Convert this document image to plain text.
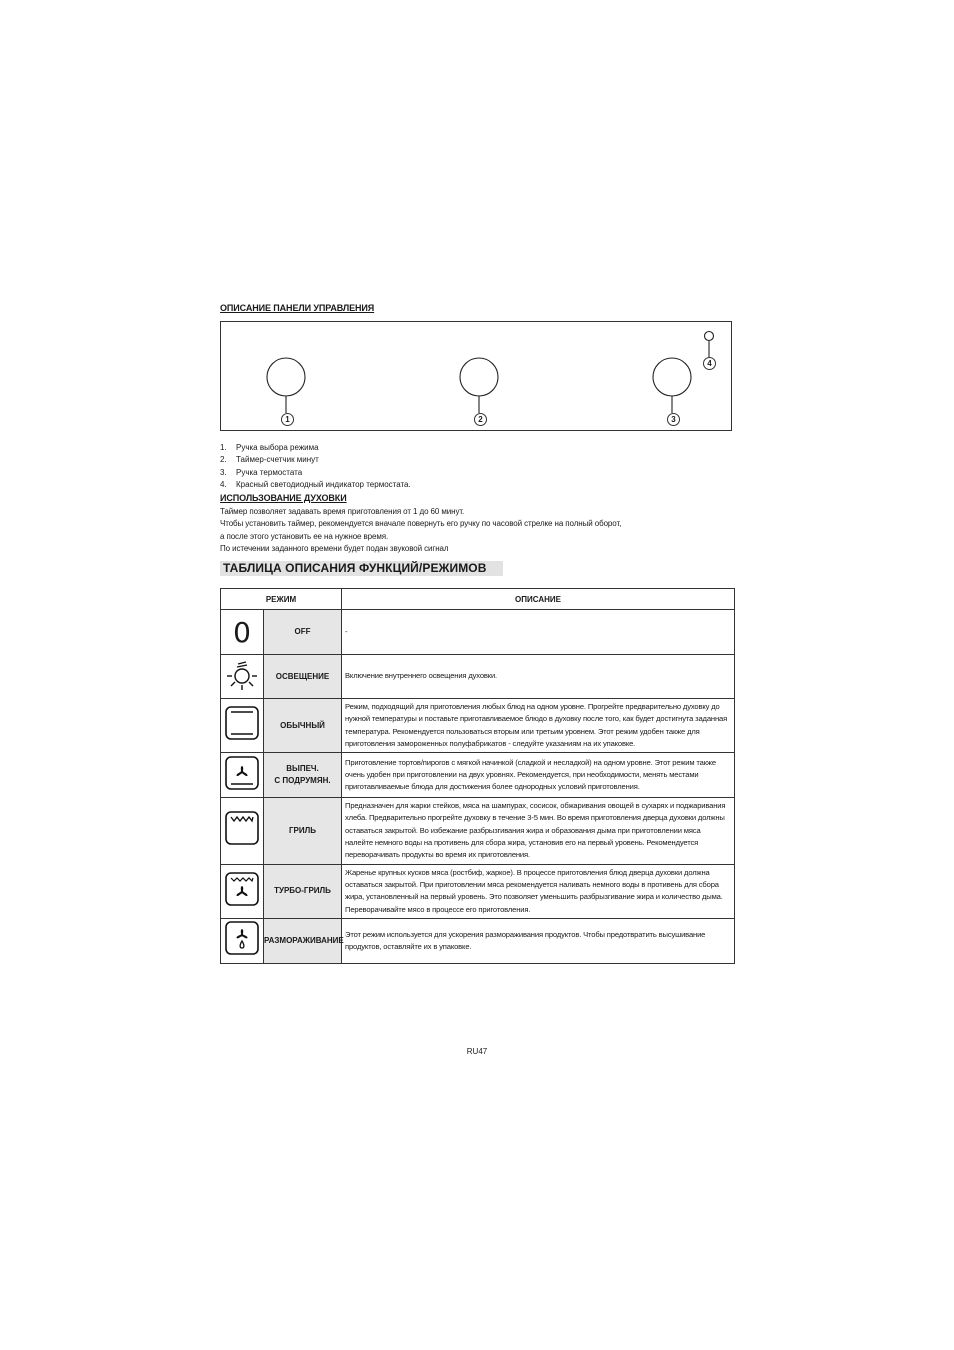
ОПИСАНИЕ ПАНЕЛИ УПРАВЛЕНИЯ
1	2	3
4
1. Ручка выбора режима
2. Таймер-счетчик минут
3. Ручка термостата
4. Красный светодиодный индикатор термостата.
ИСПОЛЬЗОВАНИЕ ДУХОВКИ
Таймер позволяет задавать время приготовления от 1 до 60 минут.
Чтобы установить таймер, рекомендуется вначале повернуть его ручку по часовой стрелке на полный оборот,
а после этого установить ее на нужное время.
По истечении заданного времени будет подан звуковой сигнал
ТАБЛИЦА ОПИСАНИЯ ФУНКЦИЙ/РЕЖИМОВ
РЕЖИМ		ОПИСАНИЕ
0	OFF	-
	ОСВЕЩЕНИЕ	Включение внутреннего освещения духовки.
	ОБЫЧНЫЙ	Режим, подходящий для приготовления любых блюд на одном уровне. Прогрейте предварительно духовку до нужной температуры и поставьте приготавливаемое блюдо в духовку после того, как будет достигнута заданная температура. Рекомендуется пользоваться вторым или третьим уровнем. Этот режим удобен также для приготовления замороженных полуфабрикатов - следуйте указаниям на их упаковке.
	ВЫПЕЧ.
С ПОДРУМЯН.	Приготовление тортов/пирогов с мягкой начинкой (сладкой и несладкой) на одном уровне. Этот режим также очень удобен при приготовлении на двух уровнях. Рекомендуется, при необходимости, менять местами приготавливаемые блюда для достижения более однородных условий приготовления.
	ГРИЛЬ	Предназначен для жарки стейков, мяса на шампурах, сосисок, обжаривания овощей в сухарях и поджаривания хлеба. Предварительно прогрейте духовку в течение 3-5 мин. Во время приготовления дверца духовки должны оставаться закрытой. Во избежание разбрызгивания жира и образования дыма при приготовлении мяса налейте немного воды на противень для сбора жира, установив его на первый уровень. Рекомендуется переворачивать продукты во время их приготовления.
	ТУРБО-ГРИЛЬ	Жаренье крупных кусков мяса (ростбиф, жаркое). В процессе приготовления блюд дверца духовки должна оставаться закрытой. При приготовлении мяса рекомендуется наливать немного воды в противень для сбора жира, установленный на первый уровень. Это позволяет уменьшить разбрызгивание жира и количество дыма. Переворачивайте мясо в процессе его приготовления.
	РАЗМОРАЖИВАНИЕ	Этот режим используется для ускорения размораживания продуктов. Чтобы предотвратить высушивание продуктов, оставляйте их в упаковке.
RU47
